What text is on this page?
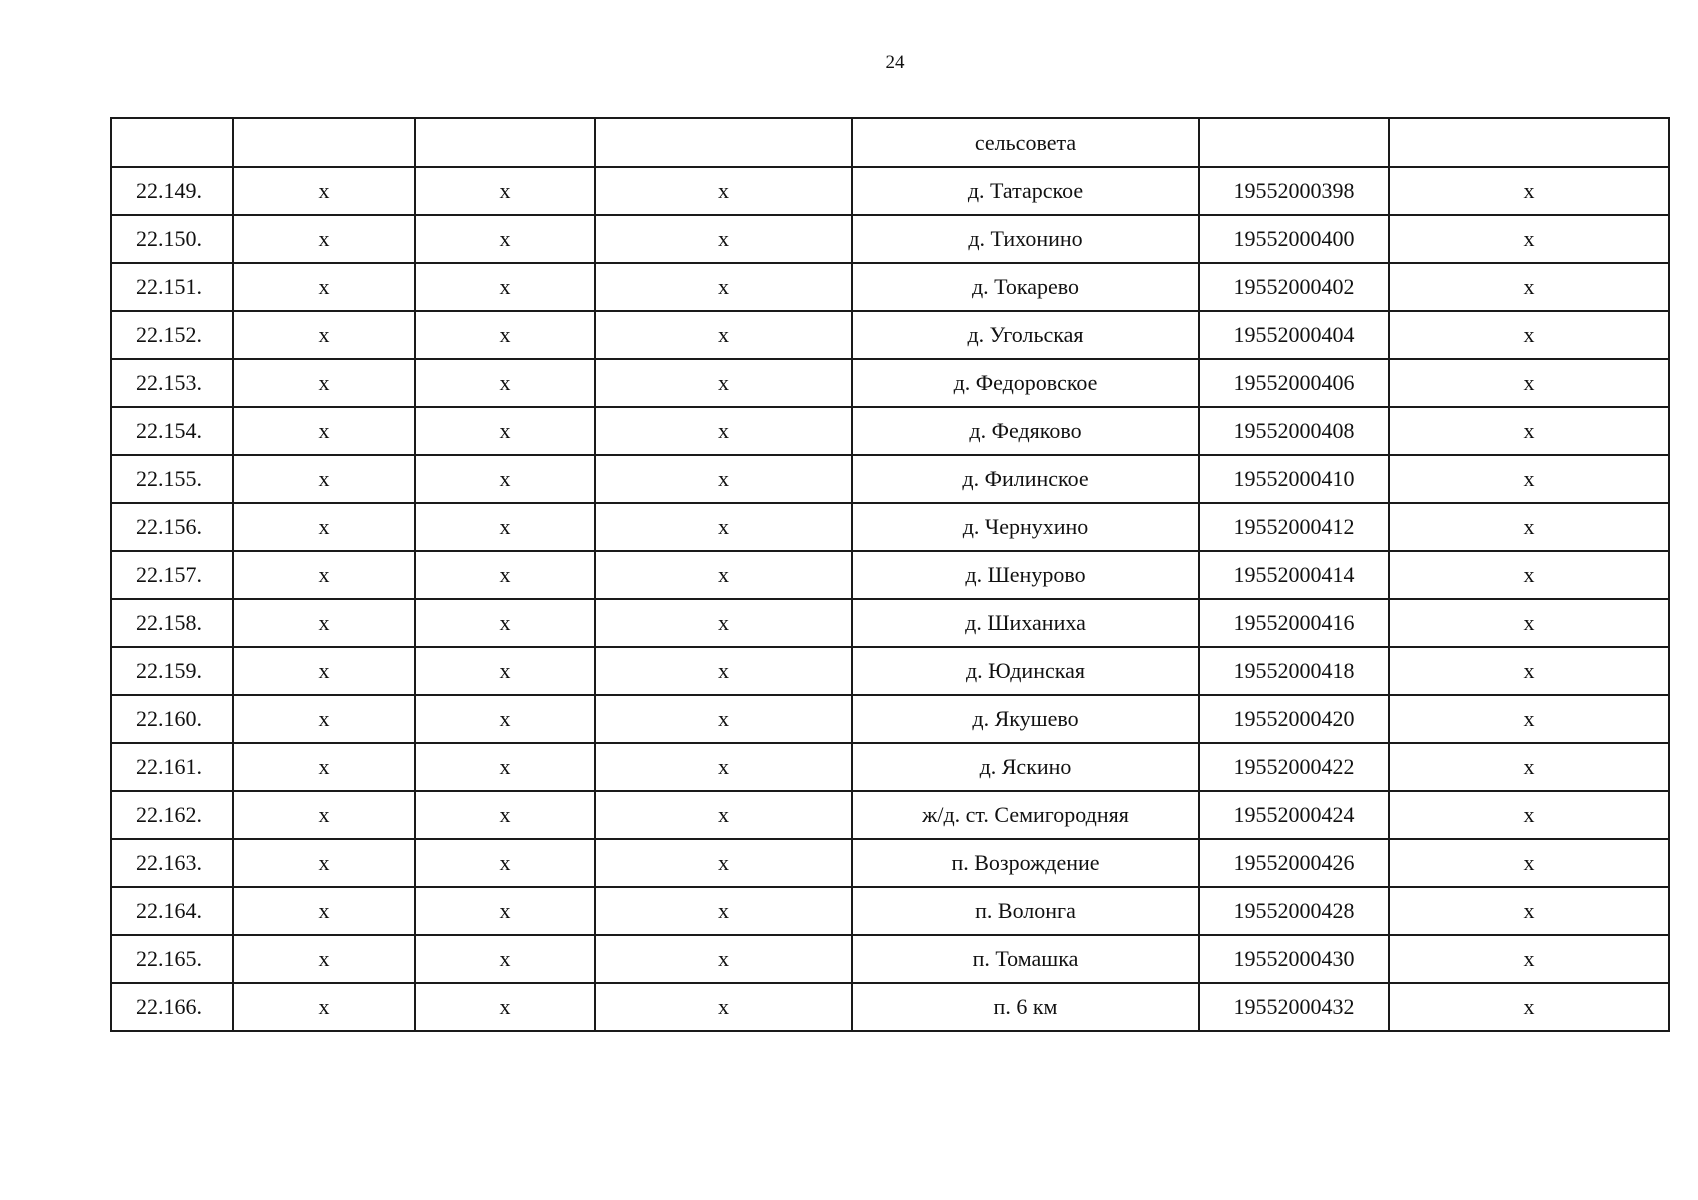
24
				сельсовета		
22.149.	х	х	х	д. Татарское	19552000398	х
22.150.	х	х	х	д. Тихонино	19552000400	х
22.151.	х	х	х	д. Токарево	19552000402	х
22.152.	х	х	х	д. Угольская	19552000404	х
22.153.	х	х	х	д. Федоровское	19552000406	х
22.154.	х	х	х	д. Федяково	19552000408	х
22.155.	х	х	х	д. Филинское	19552000410	х
22.156.	х	х	х	д. Чернухино	19552000412	х
22.157.	х	х	х	д. Шенурово	19552000414	х
22.158.	х	х	х	д. Шиханиха	19552000416	х
22.159.	х	х	х	д. Юдинская	19552000418	х
22.160.	х	х	х	д. Якушево	19552000420	х
22.161.	х	х	х	д. Яскино	19552000422	х
22.162.	х	х	х	ж/д. ст. Семигородняя	19552000424	х
22.163.	х	х	х	п. Возрождение	19552000426	х
22.164.	х	х	х	п. Волонга	19552000428	х
22.165.	х	х	х	п. Томашка	19552000430	х
22.166.	х	х	х	п. 6 км	19552000432	х
